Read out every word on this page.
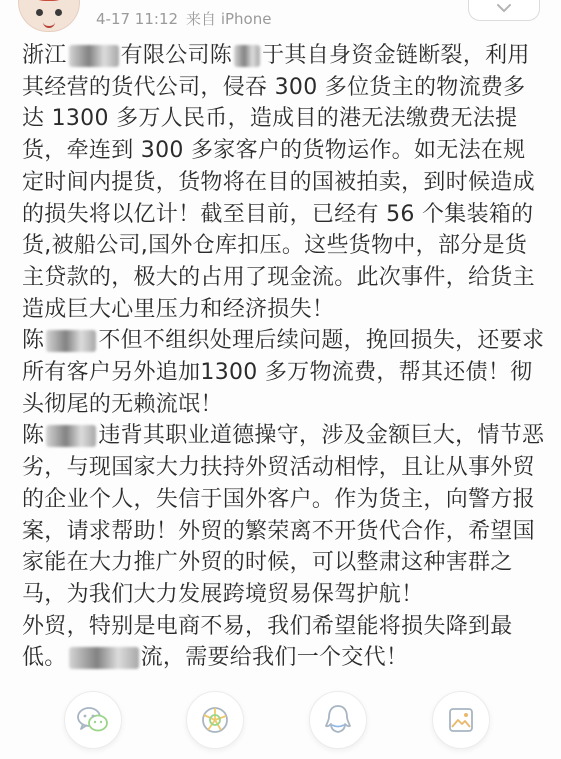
4-17 11:12 来自 iPhone

浙江 有限公司陈 于其自身资金链断裂，利用其经营的货代公司，侵吞 300 多位货主的物流费多达 1300 多万人民币，造成目的港无法缴费无法提货，牵连到 300 多家客户的货物运作。如无法在规定时间内提货，货物将在目的国被拍卖，到时候造成的损失将以亿计！截至目前，已经有 56 个集装箱的货,被船公司,国外仓库扣压。这些货物中，部分是货主贷款的，极大的占用了现金流。此次事件，给货主造成巨大心里压力和经济损失！

陈 不但不组织处理后续问题，挽回损失，还要求所有客户另外追加1300 多万物流费，帮其还债！彻头彻尾的无赖流氓！

陈 违背其职业道德操守，涉及金额巨大，情节恶劣，与现国家大力扶持外贸活动相悖，且让从事外贸的企业个人，失信于国外客户。作为货主，向警方报案，请求帮助！外贸的繁荣离不开货代合作，希望国家能在大力推广外贸的时候，可以整肃这种害群之马，为我们大力发展跨境贸易保驾护航！

外贸，特别是电商不易，我们希望能将损失降到最低。	流，需要给我们一个交代！
